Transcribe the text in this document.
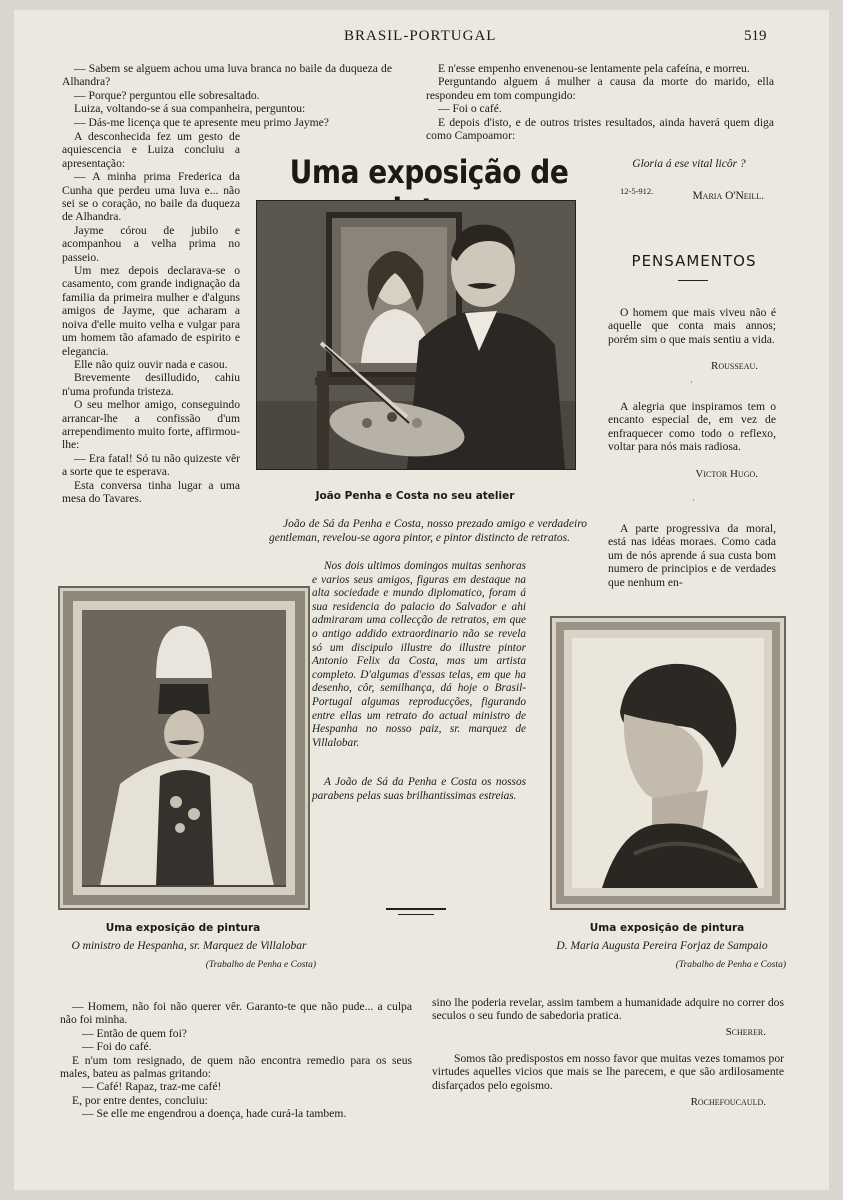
BRASIL-PORTUGAL	519

— Sabem se alguem achou uma luva branca no baile da duqueza de Alhandra?

— Porque? perguntou elle sobresaltado.

Luiza, voltando-se á sua companheira, perguntou:

— Dás-me licença que te apresente meu primo Jayme?

A desconhecida fez um gesto de aquiescencia e Luiza concluiu a apresentação:

— A minha prima Frederica da Cunha que perdeu uma luva e... não sei se o coração, no baile da duqueza de Alhandra.

Jayme córou de jubilo e acompanhou a velha prima no passeio.

Um mez depois declarava-se o casamento, com grande indignação da familia da primeira mulher e d'alguns amigos de Jayme, que acharam a noiva d'elle muito velha e vulgar para um homem tão afamado de espirito e elegancia.

Elle não quiz ouvir nada e casou.

Brevemente desilludido, cahiu n'uma profunda tristeza.

O seu melhor amigo, conseguindo arrancar-lhe a confissão d'um arrependimento muito forte, affirmou-lhe:

— Era fatal! Só tu não quizeste vêr a sorte que te esperava.

Esta conversa tinha lugar a uma mesa do Tavares.

E n'esse empenho envenenou-se lentamente pela cafeína, e morreu.

Perguntando alguem á mulher a causa da morte do marido, ella respondeu em tom compungido:

— Foi o café.

E depois d'isto, e de outros tristes resultados, ainda haverá quem diga como Campoamor:

Gloria á ese vital licôr ?
12-5-912.	Maria O'Neill.
Uma exposição de
João Penha e Costa no seu atelier
João de Sá da Penha e Costa, nosso prezado amigo e verdadeiro gentleman, revelou-se agora pintor, e pintor distincto de retratos.
Nos dois ultimos domingos muitas senhoras e varios seus amigos, figuras em destaque na alta sociedade e mundo diplomatico, foram á sua residencia do palacio do Salvador e ahi admiraram uma collecção de retratos, em que o antigo addido extraordinario não se revela só um discipulo illustre do illustre pintor Antonio Felix da Costa, mas um artista completo. D'algumas d'essas telas, em que ha desenho, côr, semilhança, dá hoje o Brasil-Portugal algumas reproducções, figurando entre ellas um retrato do actual ministro de Hespanha no nosso paiz, sr. marquez de Villalobar.
A João de Sá da Penha e Costa os nossos parabens pelas suas brilhantissimas estreias.
PENSAMENTOS
O homem que mais viveu não é aquelle que conta mais annos; porém sim o que mais sentiu a vida.
Rousseau.
·
A alegria que inspiramos tem o encanto especial de, em vez de enfraquecer como todo o reflexo, voltar para nós mais radiosa.
Victor Hugo.
·
A parte progressiva da moral, está nas idéas moraes. Como cada um de nós aprende á sua custa bom numero de principios e de verdades que nenhum en-
Uma exposição de pintura
O ministro de Hespanha, sr. Marquez de Villalobar
(Trabalho de Penha e Costa)
Uma exposição de pintura
D. Maria Augusta Pereira Forjaz de Sampaio
(Trabalho de Penha e Costa)

— Homem, não foi não querer vêr. Garanto-te que não pude... a culpa não foi minha.

— Então de quem foi?

— Foi do café.

E n'um tom resignado, de quem não encontra remedio para os seus males, bateu as palmas gritando:

— Café! Rapaz, traz-me café!

E, por entre dentes, concluiu:

— Se elle me engendrou a doença, hade curá-la tambem.

sino lhe poderia revelar, assim tambem a humanidade adquire no correr dos seculos o seu fundo de sabedoria pratica.
Scherer.
Somos tão predispostos em nosso favor que muitas vezes tomamos por virtudes aquelles vicios que mais se lhe parecem, e que são ardilosamente disfarçados pelo egoismo.
Rochefoucauld.
